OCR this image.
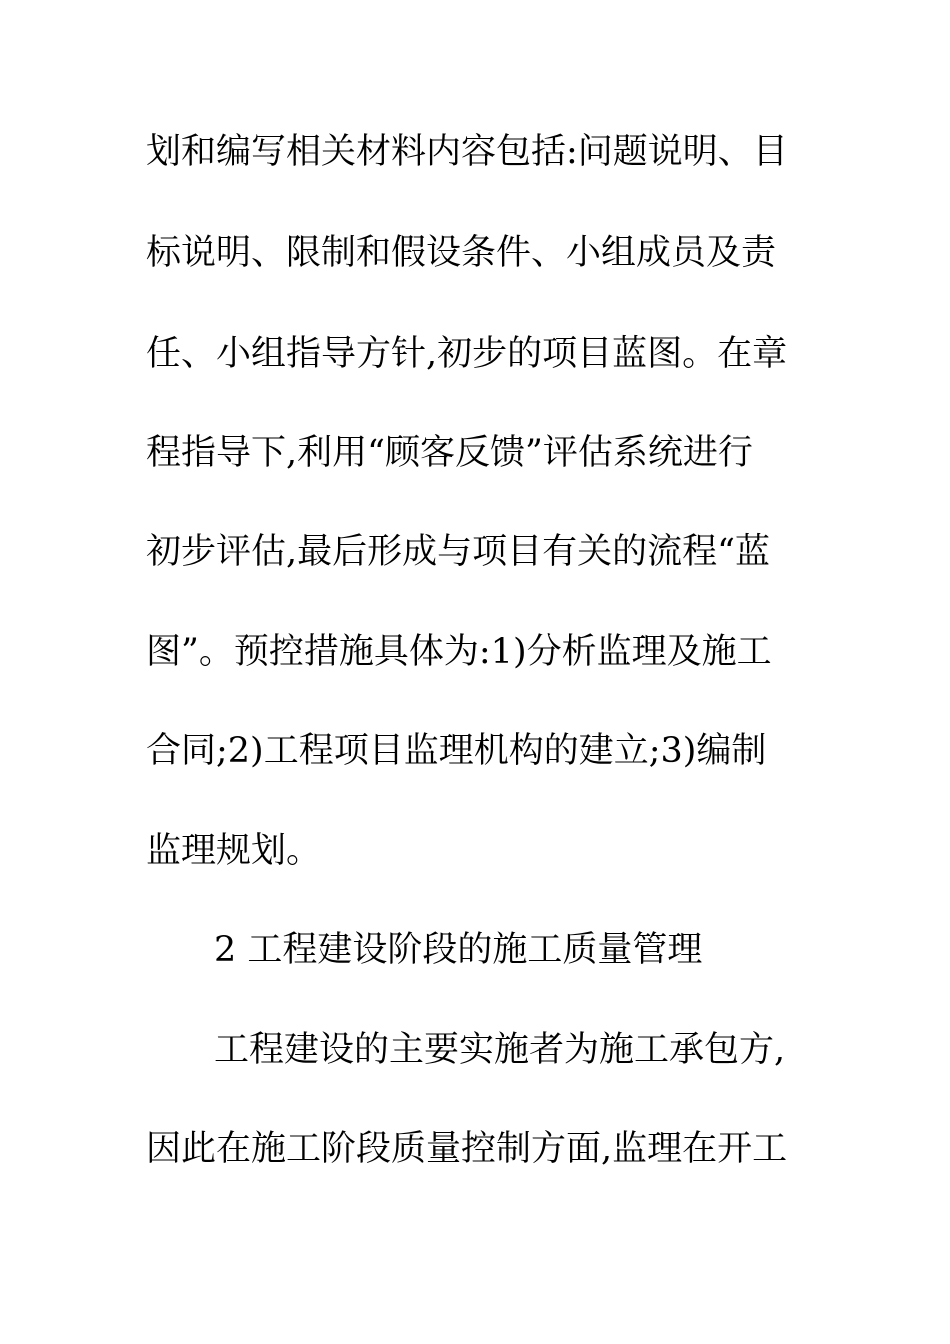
划和编写相关材料内容包括:问题说明、目
标说明、限制和假设条件、小组成员及责
任、小组指导方针,初步的项目蓝图。在章
程指导下,利用“顾客反馈”评估系统进行
初步评估,最后形成与项目有关的流程“蓝
图”。预控措施具体为:1)分析监理及施工
合同;2)工程项目监理机构的建立;3)编制
监理规划。
2 工程建设阶段的施工质量管理
工程建设的主要实施者为施工承包方,
因此在施工阶段质量控制方面,监理在开工
